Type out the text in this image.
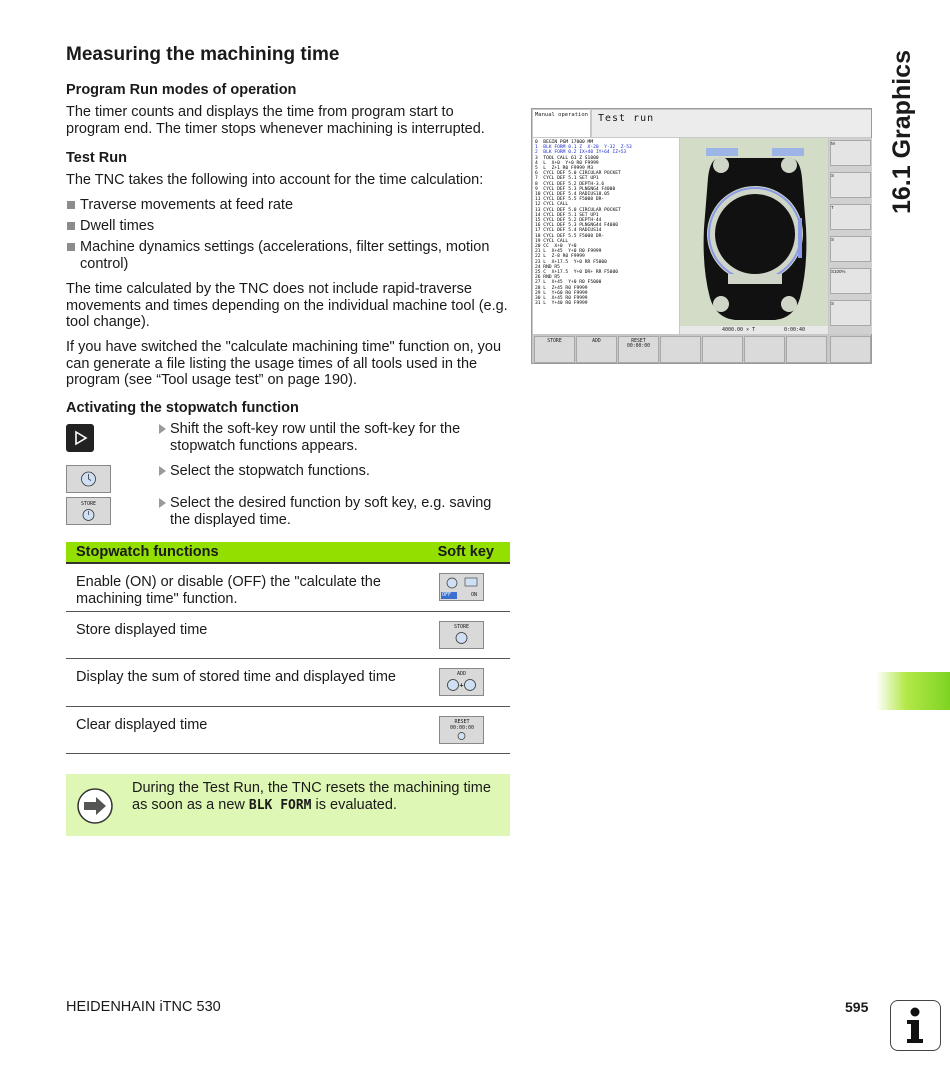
Measuring the machining time	16.1 Graphics
Program Run modes of operation
The timer counts and displays the time from program start to program end. The timer stops whenever machining is interrupted.
Test Run
The TNC takes the following into account for the time calculation:
Traverse movements at feed rate
Dwell times
Machine dynamics settings (accelerations, filter settings, motion control)
The time calculated by the TNC does not include rapid-traverse movements and times depending on the individual machine tool (e.g. tool change).
If you have switched the "calculate machining time" function on, you can generate a file listing the usage times of all tools used in the program (see “Tool usage test” on page 190).
Activating the stopwatch function
Shift the soft-key row until the soft-key for the stopwatch functions appears.
Select the stopwatch functions.
STORE	Select the desired function by soft key, e.g. saving the displayed time.
Manual operation	Test run
0  BEGIN PGM 17000 MM
1  BLK FORM 0.1 Z  X-20  Y-32  Z-53
2  BLK FORM 0.2 IX+40 IY+64 IZ+53
3  TOOL CALL 61 Z S1000
4  L  X+0  Y+0 R0 F9999
5  L  Z+1 R0 F9999 M3
6  CYCL DEF 5.0 CIRCULAR POCKET
7  CYCL DEF 5.1 SET UP1
8  CYCL DEF 5.2 DEPTH-3.6
9  CYCL DEF 5.3 PLNGNG4 F4000
10 CYCL DEF 5.4 RADIUS18.05
11 CYCL DEF 5.5 F5000 DR-
12 CYCL CALL
13 CYCL DEF 5.0 CIRCULAR POCKET
14 CYCL DEF 5.1 SET UP1
15 CYCL DEF 5.2 DEPTH-44
16 CYCL DEF 5.3 PLNGNG44 F4000
17 CYCL DEF 5.4 RADIUS14
18 CYCL DEF 5.5 F5000 DR-
19 CYCL CALL
20 CC  X+0  Y+0
21 L  X+45  Y+0 R0 F9999
22 L  Z-8 R0 F9999
23 L  X+17.5  Y+0 RR F5000
24 RND R5
25 C  X+17.5  Y+0 DR+ RR F5000
26 RND R5
27 L  X+45  Y+0 R0 F5000
28 L  Z+45 R0 F9999
29 L  Y+60 R0 F9999
30 L  X+45 R0 F9999
31 L  Y+40 R0 F9999
4000.00 × T	0:00:40
M
S
T
S
S100%
S
STORE	ADD	RESET 00:00:00
Stopwatch functions	Soft key
Enable (ON) or disable (OFF) the "calculate the machining time" function.	OFF	ON
Store displayed time	STORE
Display the sum of stored time and displayed time	ADD
+
Clear displayed time	RESET 00:00:00
During the Test Run, the TNC resets the machining time as soon as a new BLK FORM is evaluated.
HEIDENHAIN iTNC 530	595
